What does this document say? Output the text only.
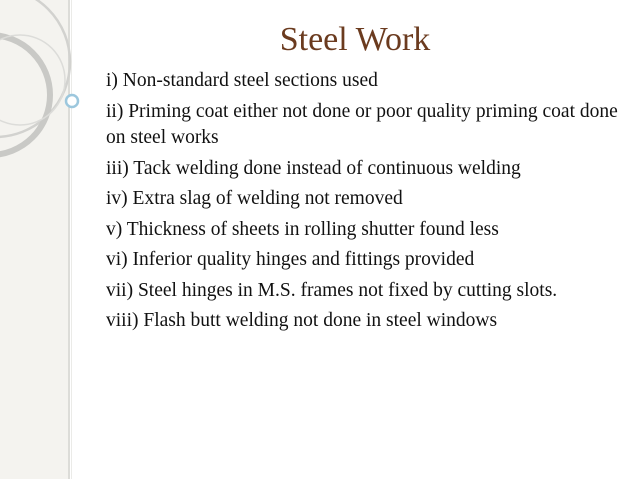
Steel Work
i) Non-standard steel sections used
ii) Priming coat either not done or poor quality priming coat done on steel works
iii) Tack welding done instead of continuous welding
iv) Extra slag of welding not removed
v) Thickness of sheets in rolling shutter found less
vi) Inferior quality hinges and fittings provided
vii) Steel hinges in M.S. frames not fixed by cutting slots.
viii) Flash butt welding not done in steel windows
